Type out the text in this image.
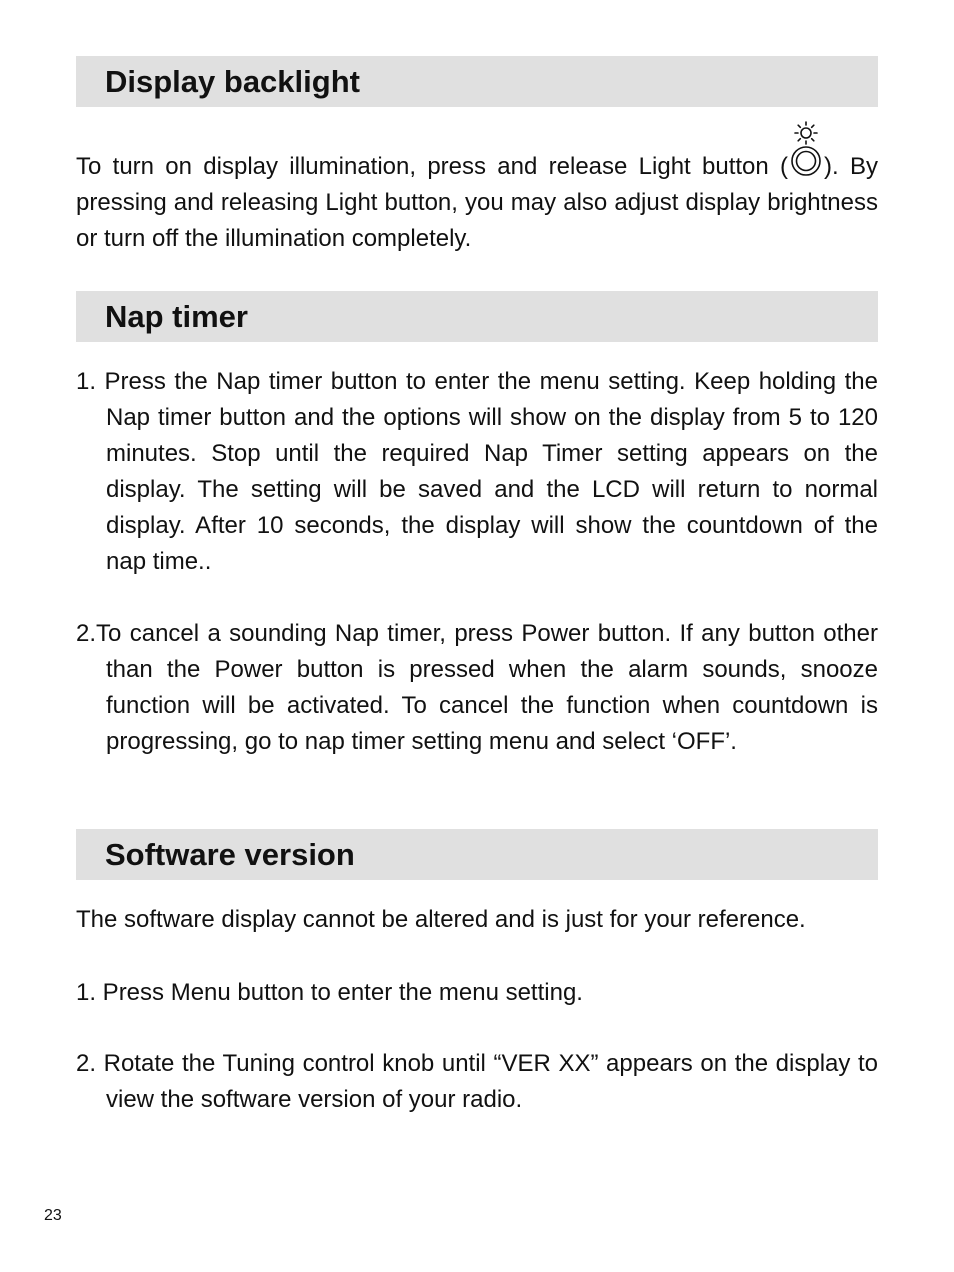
Display backlight

To turn on display illumination, press and release Light button ( ). By pressing and releasing Light button, you may also adjust display brightness or turn off the illumination completely.

Nap timer

1. Press the Nap timer button to enter the menu setting. Keep holding the Nap timer button and the options will show on the display from 5 to 120 minutes. Stop until the required Nap Timer setting appears on the display. The setting will be saved and the LCD will return to normal display. After 10 seconds, the display will show the countdown of the nap time..

2.To cancel a sounding Nap timer, press Power button. If any button other than the Power button is pressed when the alarm sounds, snooze function will be activated. To cancel the function when countdown is progressing, go to nap timer setting menu and select ‘OFF’.

Software version

The software display cannot be altered and is just for your reference.

1. Press Menu button to enter the menu setting.

2. Rotate the Tuning control knob until “VER XX” appears on the display to view the software version of your radio.

23
